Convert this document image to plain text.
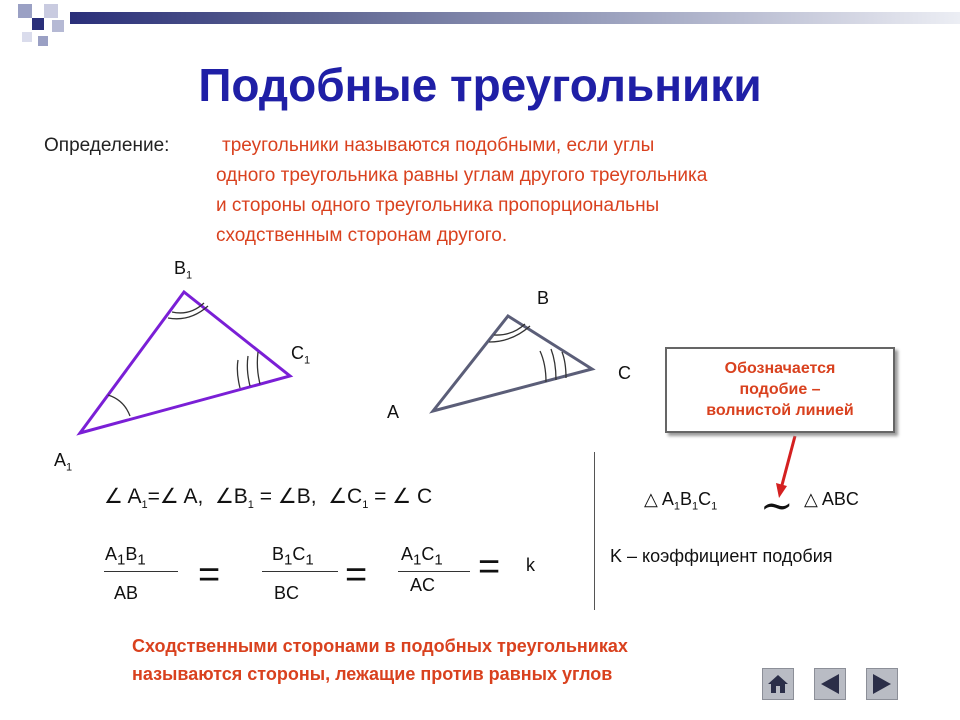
Подобные треугольники
Определение:	треугольники называются подобными, если углы
одного треугольника равны углам другого треугольника
и стороны одного треугольника пропорциональны
сходственным сторонам другого.
$B_1$
$C_1$
$A_1$
B
C
A
∠ $A_1=\angle$ A, $\angle B_1$ = ∠B, $\angle C_1$ = ∠ C
$A_1B_1$
AB =	$B_1C_1$
BC = $A_1C_1$
AC = k
Обозначается
подобие –
волнистой линией
△ $A_1B_1C_1$ ~ △ ABC
K – коэффициент подобия
Сходственными сторонами в подобных треугольниках
называются стороны, лежащие против равных углов
